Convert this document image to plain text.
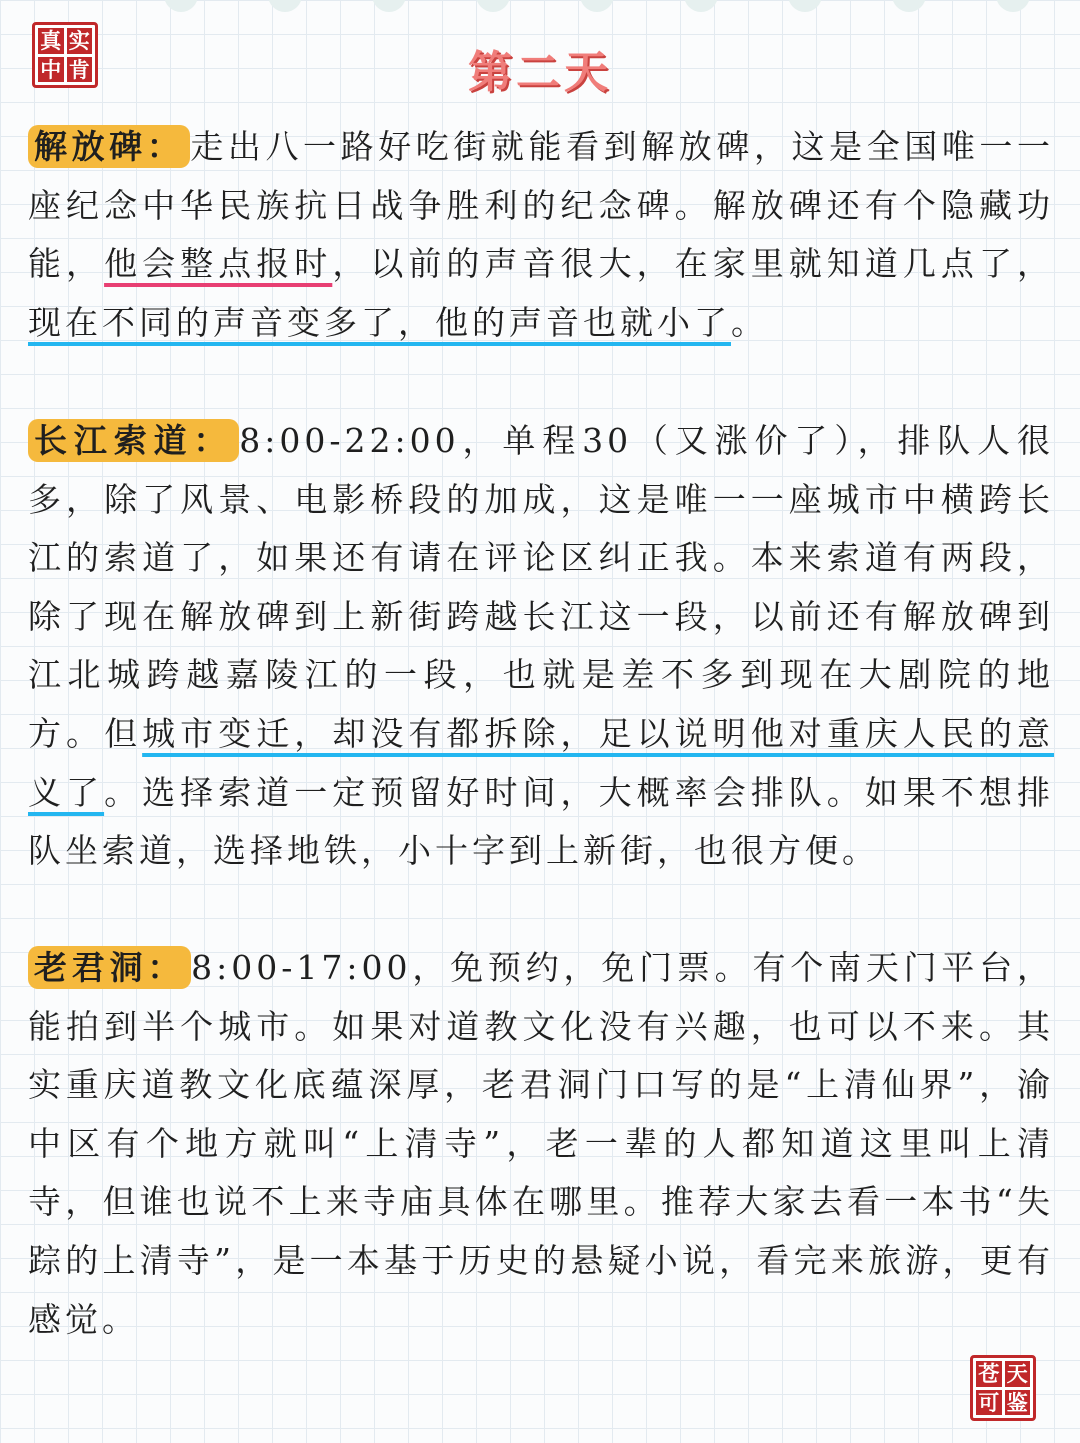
真 实
中 肯	第二天

解放碑： 走出八一路好吃街就能看到解放碑，这是全国唯一一座纪念中华民族抗日战争胜利的纪念碑。解放碑还有个隐藏功能，他会整点报时，以前的声音很大，在家里就知道几点了，现在不同的声音变多了，他的声音也就小了。

长江索道： 8:00-22:00，单程30（又涨价了），排队人很多，除了风景、电影桥段的加成，这是唯一一座城市中横跨长江的索道了，如果还有请在评论区纠正我。本来索道有两段，除了现在解放碑到上新街跨越长江这一段，以前还有解放碑到江北城跨越嘉陵江的一段，也就是差不多到现在大剧院的地方。但城市变迁，却没有都拆除，足以说明他对重庆人民的意义了。选择索道一定预留好时间，大概率会排队。如果不想排队坐索道，选择地铁，小十字到上新街，也很方便。

老君洞： 8:00-17:00，免预约，免门票。有个南天门平台，能拍到半个城市。如果对道教文化没有兴趣，也可以不来。其实重庆道教文化底蕴深厚，老君洞门口写的是“上清仙界”，渝中区有个地方就叫“上清寺”，老一辈的人都知道这里叫上清寺，但谁也说不上来寺庙具体在哪里。推荐大家去看一本书“失踪的上清寺”，是一本基于历史的悬疑小说，看完来旅游，更有感觉。

苍 天
可 鉴
